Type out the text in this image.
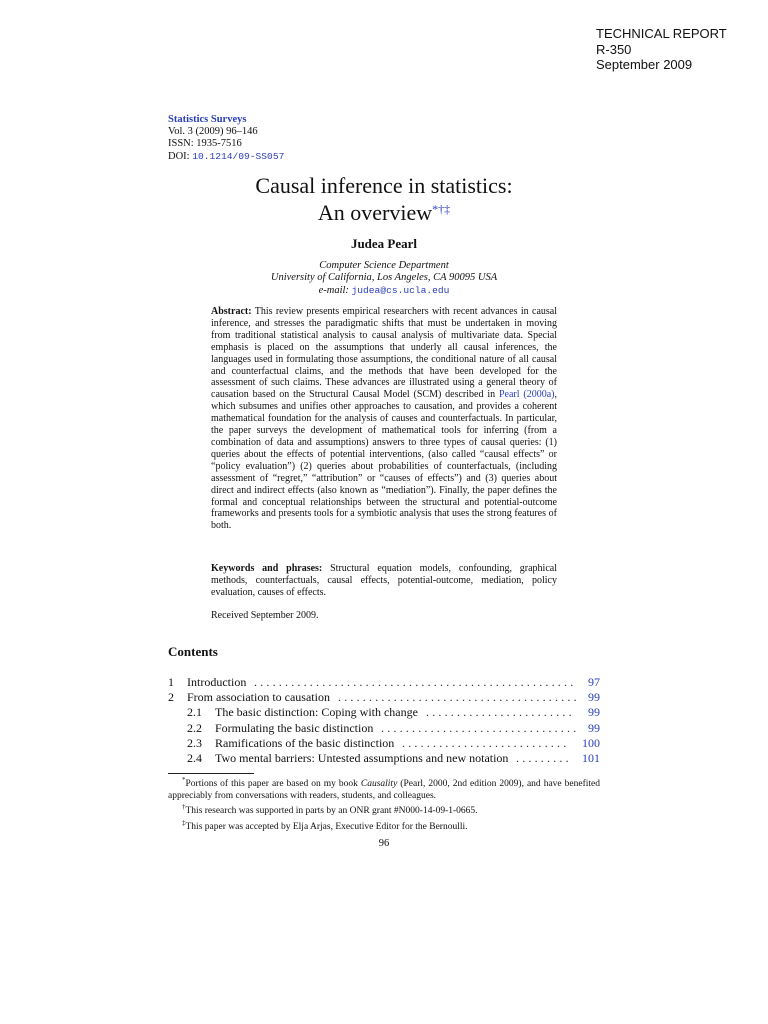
TECHNICAL REPORT
R-350
September 2009
Statistics Surveys
Vol. 3 (2009) 96–146
ISSN: 1935-7516
DOI: 10.1214/09-SS057
Causal inference in statistics:
An overview*†‡
Judea Pearl
Computer Science Department
University of California, Los Angeles, CA 90095 USA
e-mail: judea@cs.ucla.edu
Abstract: This review presents empirical researchers with recent advances in causal inference, and stresses the paradigmatic shifts that must be undertaken in moving from traditional statistical analysis to causal analysis of multivariate data. Special emphasis is placed on the assumptions that underly all causal inferences, the languages used in formulating those assumptions, the conditional nature of all causal and counterfactual claims, and the methods that have been developed for the assessment of such claims. These advances are illustrated using a general theory of causation based on the Structural Causal Model (SCM) described in Pearl (2000a), which subsumes and unifies other approaches to causation, and provides a coherent mathematical foundation for the analysis of causes and counterfactuals. In particular, the paper surveys the development of mathematical tools for inferring (from a combination of data and assumptions) answers to three types of causal queries: (1) queries about the effects of potential interventions, (also called “causal effects” or “policy evaluation”) (2) queries about probabilities of counterfactuals, (including assessment of “regret,” “attribution” or “causes of effects”) and (3) queries about direct and indirect effects (also known as “mediation”). Finally, the paper defines the formal and conceptual relationships between the structural and potential-outcome frameworks and presents tools for a symbiotic analysis that uses the strong features of both.
Keywords and phrases: Structural equation models, confounding, graphical methods, counterfactuals, causal effects, potential-outcome, mediation, policy evaluation, causes of effects.
Received September 2009.
Contents
1 Introduction .................................................... 97
2 From association to causation ....................................... 99
2.1 The basic distinction: Coping with change ........................	99
2.2 Formulating the basic distinction ................................ 99
2.3 Ramifications of the basic distinction ...........................	100
2.4 Two mental barriers: Untested assumptions and new notation ......... 101

*Portions of this paper are based on my book Causality (Pearl, 2000, 2nd edition 2009), and have benefited appreciably from conversations with readers, students, and colleagues.

†This research was supported in parts by an ONR grant #N000-14-09-1-0665.

‡This paper was accepted by Elja Arjas, Executive Editor for the Bernoulli.

96
